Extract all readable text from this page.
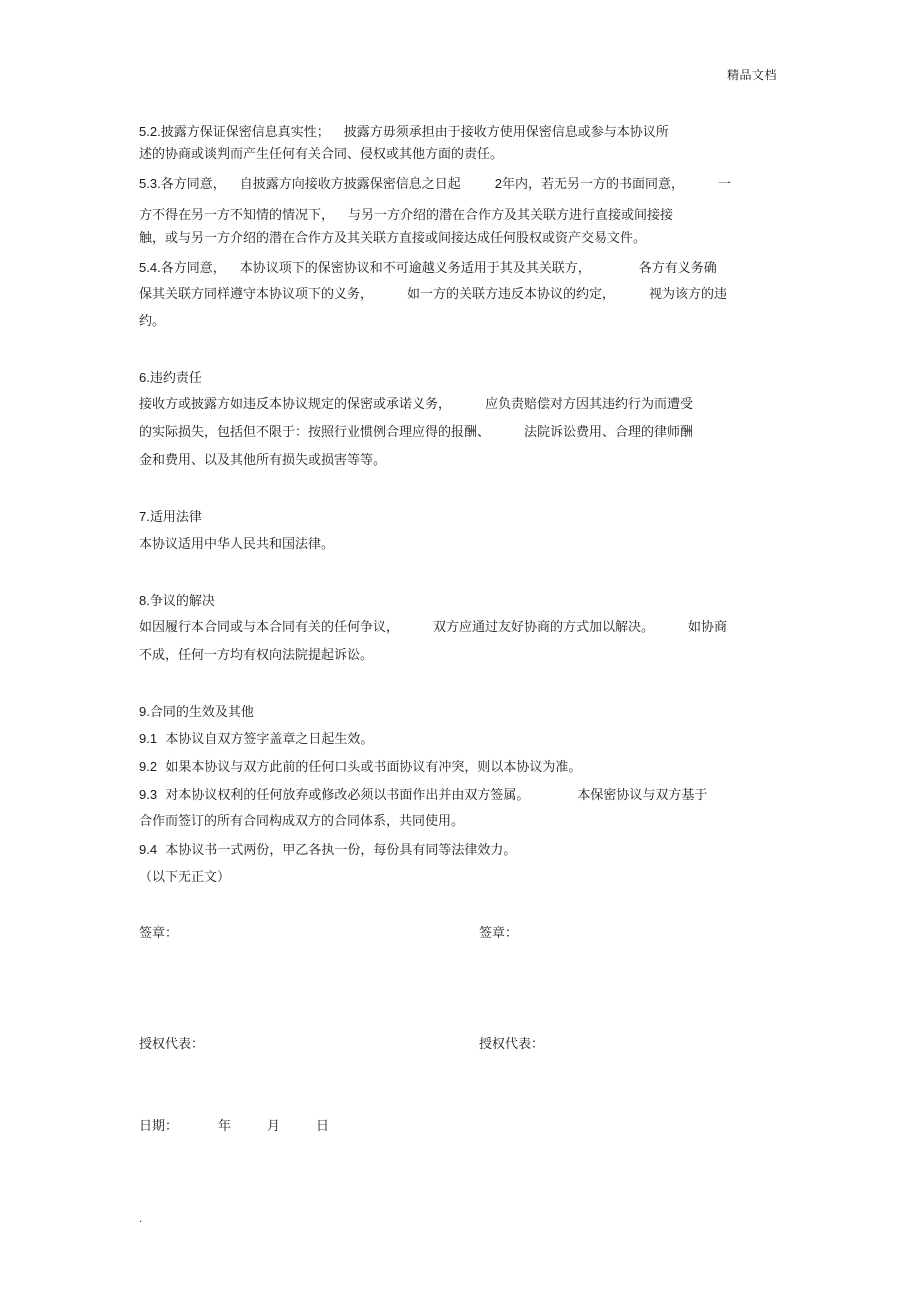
精品文档
5.2.披露方保证保密信息真实性； 披露方毋须承担由于接收方使用保密信息或参与本协议所
述的协商或谈判而产生任何有关合同、侵权或其他方面的责任。
5.3.各方同意， 自披露方向接收方披露保密信息之日起	2年内，若无另一方的书面同意，	一
方不得在另一方不知情的情况下， 与另一方介绍的潜在合作方及其关联方进行直接或间接接
触，或与另一方介绍的潜在合作方及其关联方直接或间接达成任何股权或资产交易文件。
5.4.各方同意， 本协议项下的保密协议和不可逾越义务适用于其及其关联方，	各方有义务确
保其关联方同样遵守本协议项下的义务，	如一方的关联方违反本协议的约定，	视为该方的违
约。
6.违约责任
接收方或披露方如违反本协议规定的保密或承诺义务，	应负责赔偿对方因其违约行为而遭受
的实际损失，包括但不限于：按照行业惯例合理应得的报酬、	法院诉讼费用、合理的律师酬
金和费用、以及其他所有损失或损害等等。
7.适用法律
本协议适用中华人民共和国法律。
8.争议的解决
如因履行本合同或与本合同有关的任何争议，	双方应通过友好协商的方式加以解决。	如协商
不成，任何一方均有权向法院提起诉讼。
9.合同的生效及其他
9.1 本协议自双方签字盖章之日起生效。
9.2 如果本协议与双方此前的任何口头或书面协议有冲突，则以本协议为准。
9.3 对本协议权利的任何放弃或修改必须以书面作出并由双方签属。	本保密协议与双方基于
合作而签订的所有合同构成双方的合同体系，共同使用。
9.4 本协议书一式两份，甲乙各执一份，每份具有同等法律效力。
（以下无正文）
签章：	签章：
授权代表：	授权代表：
日期：	年	月	日
.
